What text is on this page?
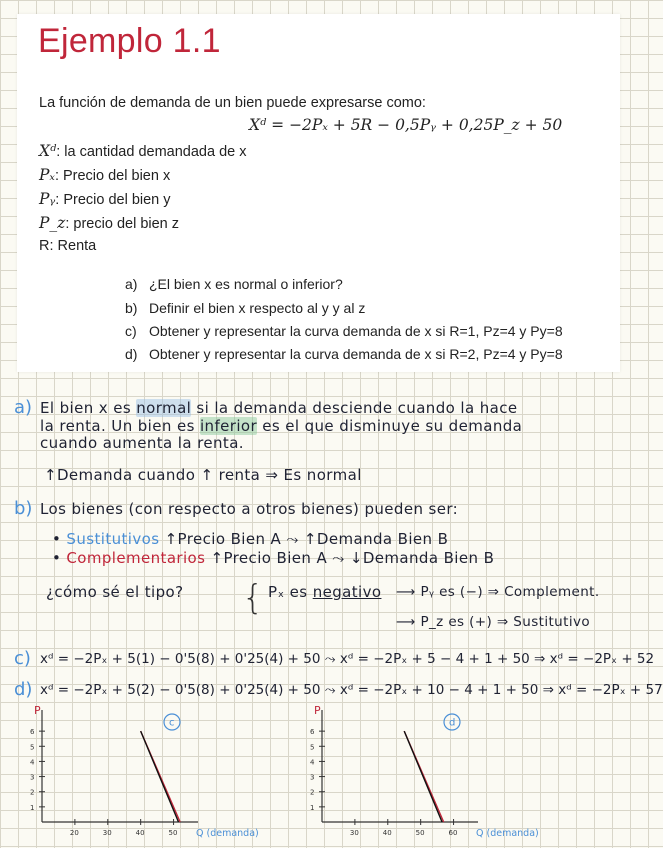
Ejemplo 1.1
La función de demanda de un bien puede expresarse como:
Xᵈ = −2Pₓ + 5R − 0,5Pᵧ + 0,25P_z + 50
Xᵈ: la cantidad demandada de x
Pₓ: Precio del bien x
Pᵧ: Precio del bien y
P_z: precio del bien z
R: Renta
a) ¿El bien x es normal o inferior?
b) Definir el bien x respecto al y y al z
c) Obtener y representar la curva demanda de x si R=1, Pz=4 y Py=8
d) Obtener y representar la curva demanda de x si R=2, Pz=4 y Py=8
a) El bien x es normal si la demanda desciende cuando la hace
la renta. Un bien es inferior es el que disminuye su demanda
cuando aumenta la renta.
↑Demanda cuando ↑ renta ⇒ Es normal
b) Los bienes (con respecto a otros bienes) pueden ser:
• Sustitutivos ↑Precio Bien A ⤳ ↑Demanda Bien B
• Complementarios ↑Precio Bien A ⤳ ↓Demanda Bien B
¿cómo sé el tipo? { Pₓ es negativo ⟶ Pᵧ es (−) ⇒ Complement.
⟶ P_z es (+) ⇒ Sustitutivo
c) xᵈ = −2Pₓ + 5(1) − 0'5(8) + 0'25(4) + 50 ⤳ xᵈ = −2Pₓ + 5 − 4 + 1 + 50 ⇒ xᵈ = −2Pₓ + 52
d) xᵈ = −2Pₓ + 5(2) − 0'5(8) + 0'25(4) + 50 ⤳ xᵈ = −2Pₓ + 10 − 4 + 1 + 50 ⇒ xᵈ = −2Pₓ + 57
P
1
2
3
4
5
6
20	30	40	50 Q (demanda)
c
P
1
2
3
4
5
6
30	40	50	60 Q (demanda)
d
